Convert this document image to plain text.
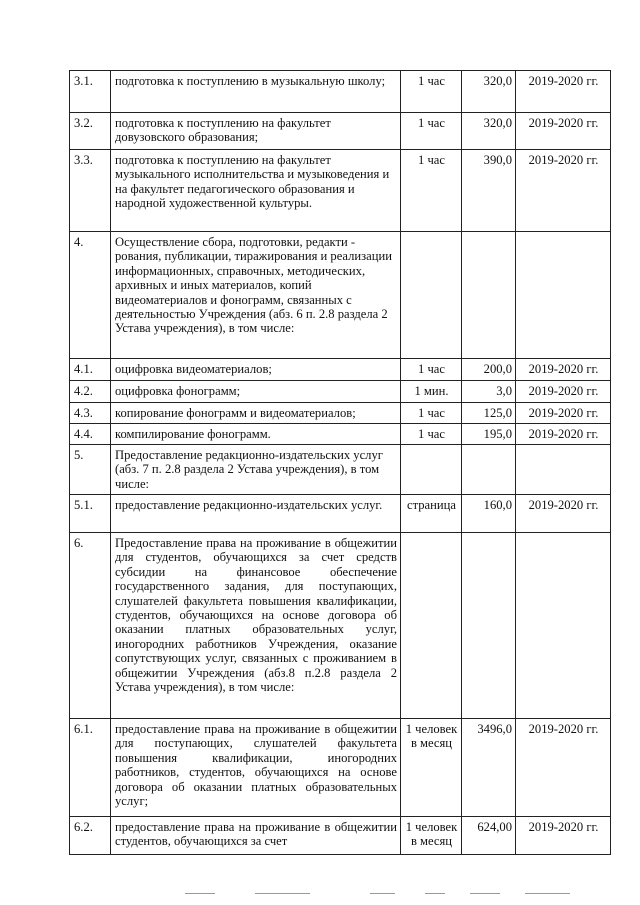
3.1.	подготовка к поступлению в музыкальную школу;	1 час	320,0	2019-2020 гг.
3.2.	подготовка к поступлению на факультет довузовского образования;	1 час	320,0	2019-2020 гг.
3.3.	подготовка к поступлению на факультет музыкального исполнительства и музыковедения и на факультет педагогического образования и народной художественной культуры.	1 час	390,0	2019-2020 гг.
4.	Осуществление сбора, подготовки, редакти - рования, публикации, тиражирования и реализации информационных, справочных, методических, архивных и иных материалов, копий видеоматериалов и фонограмм, связанных с деятельностью Учреждения (абз. 6 п. 2.8 раздела 2 Устава учреждения), в том числе:			
4.1.	оцифровка видеоматериалов;	1 час	200,0	2019-2020 гг.
4.2.	оцифровка фонограмм;	1 мин.	3,0	2019-2020 гг.
4.3.	копирование фонограмм и видеоматериалов;	1 час	125,0	2019-2020 гг.
4.4.	компилирование фонограмм.	1 час	195,0	2019-2020 гг.
5.	Предоставление редакционно-издательских услуг (абз. 7 п. 2.8 раздела 2 Устава учреждения), в том числе:			
5.1.	предоставление редакционно-издательских услуг.	страница	160,0	2019-2020 гг.
6.	Предоставление права на проживание в общежитии для студентов, обучающихся за счет средств субсидии на финансовое обеспечение государственного задания, для поступающих, слушателей факультета повышения квалификации, студентов, обучающихся на основе договора об оказании платных образовательных услуг, иногородних работников Учреждения, оказание сопутствующих услуг, связанных с проживанием в общежитии Учреждения (абз.8 п.2.8 раздела 2 Устава учреждения), в том числе:			
6.1.	предоставление права на проживание в общежитии для поступающих, слушателей факультета повышения квалификации, иногородних работников, студентов, обучающихся на основе договора об оказании платных образовательных услуг;	1 человек в месяц	3496,0	2019-2020 гг.
6.2.	предоставление права на проживание в общежитии студентов, обучающихся за счет	1 человек в месяц	624,00	2019-2020 гг.
